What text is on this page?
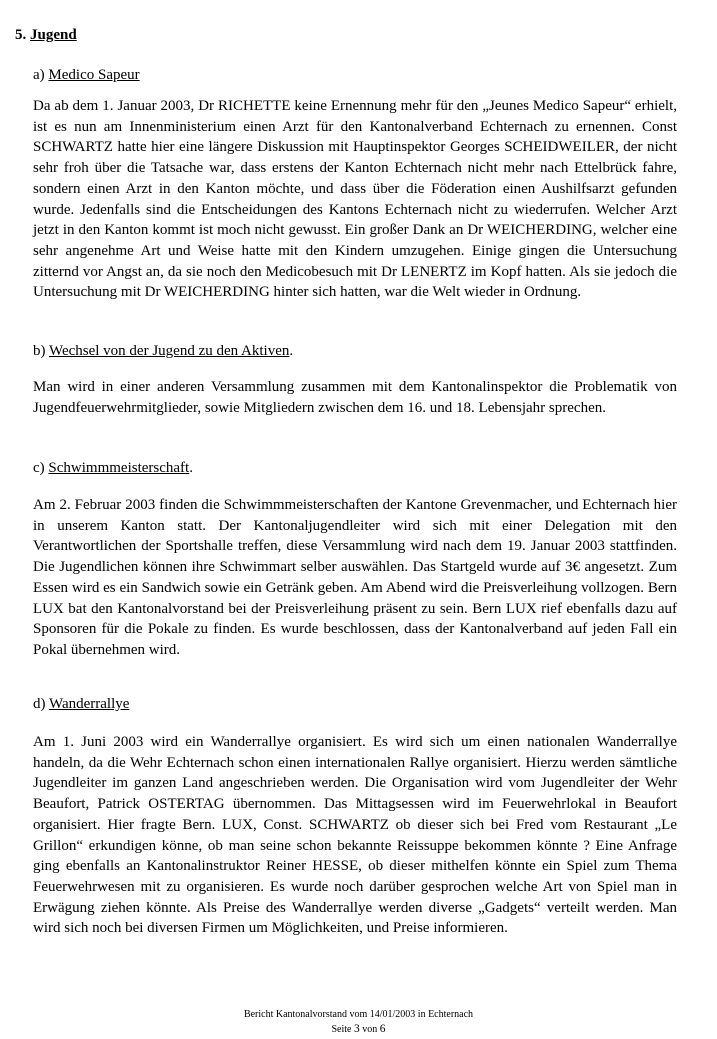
5. Jugend

a) Medico Sapeur

Da ab dem 1. Januar 2003, Dr RICHETTE keine Ernennung mehr für den „Jeunes Medico Sapeur“ erhielt, ist es nun am Innenministerium einen Arzt für den Kantonalverband Echternach zu ernennen. Const SCHWARTZ hatte hier eine längere Diskussion mit Hauptinspektor Georges SCHEIDWEILER, der nicht sehr froh über die Tatsache war, dass erstens der Kanton Echternach nicht mehr nach Ettelbrück fahre, sondern einen Arzt in den Kanton möchte, und dass über die Föderation einen Aushilfsarzt gefunden wurde. Jedenfalls sind die Entscheidungen des Kantons Echternach nicht zu wiederrufen. Welcher Arzt jetzt in den Kanton kommt ist moch nicht gewusst. Ein großer Dank an Dr WEICHERDING, welcher eine sehr angenehme Art und Weise hatte mit den Kindern umzugehen. Einige gingen die Untersuchung zitternd vor Angst an, da sie noch den Medicobesuch mit Dr LENERTZ im Kopf hatten. Als sie jedoch die Untersuchung mit Dr WEICHERDING hinter sich hatten, war die Welt wieder in Ordnung.

b) Wechsel von der Jugend zu den Aktiven.

Man wird in einer anderen Versammlung zusammen mit dem Kantonalinspektor die Problematik von Jugendfeuerwehrmitglieder, sowie Mitgliedern zwischen dem 16. und 18. Lebensjahr sprechen.

c) Schwimmmeisterschaft.

Am 2. Februar 2003 finden die Schwimmmeisterschaften der Kantone Grevenmacher, und Echternach hier in unserem Kanton statt. Der Kantonaljugendleiter wird sich mit einer Delegation mit den Verantwortlichen der Sportshalle treffen, diese Versammlung wird nach dem 19. Januar 2003 stattfinden. Die Jugendlichen können ihre Schwimmart selber auswählen. Das Startgeld wurde auf 3€ angesetzt. Zum Essen wird es ein Sandwich sowie ein Getränk geben. Am Abend wird die Preisverleihung vollzogen. Bern LUX bat den Kantonalvorstand bei der Preisverleihung präsent zu sein. Bern LUX rief ebenfalls dazu auf Sponsoren für die Pokale zu finden. Es wurde beschlossen, dass der Kantonalverband auf jeden Fall ein Pokal übernehmen wird.

d) Wanderrallye

Am 1. Juni 2003 wird ein Wanderrallye organisiert. Es wird sich um einen nationalen Wanderrallye handeln, da die Wehr Echternach schon einen internationalen Rallye organisiert. Hierzu werden sämtliche Jugendleiter im ganzen Land angeschrieben werden. Die Organisation wird vom Jugendleiter der Wehr Beaufort, Patrick OSTERTAG übernommen. Das Mittagsessen wird im Feuerwehrlokal in Beaufort organisiert. Hier fragte Bern. LUX, Const. SCHWARTZ ob dieser sich bei Fred vom Restaurant „Le Grillon“ erkundigen könne, ob man seine schon bekannte Reissuppe bekommen könnte ? Eine Anfrage ging ebenfalls an Kantonalinstruktor Reiner HESSE, ob dieser mithelfen könnte ein Spiel zum Thema Feuerwehrwesen mit zu organisieren. Es wurde noch darüber gesprochen welche Art von Spiel man in Erwägung ziehen könnte. Als Preise des Wanderrallye werden diverse „Gadgets“ verteilt werden. Man wird sich noch bei diversen Firmen um Möglichkeiten, und Preise informieren.

Bericht Kantonalvorstand vom 14/01/2003 in Echternach
Seite 3 von 6
